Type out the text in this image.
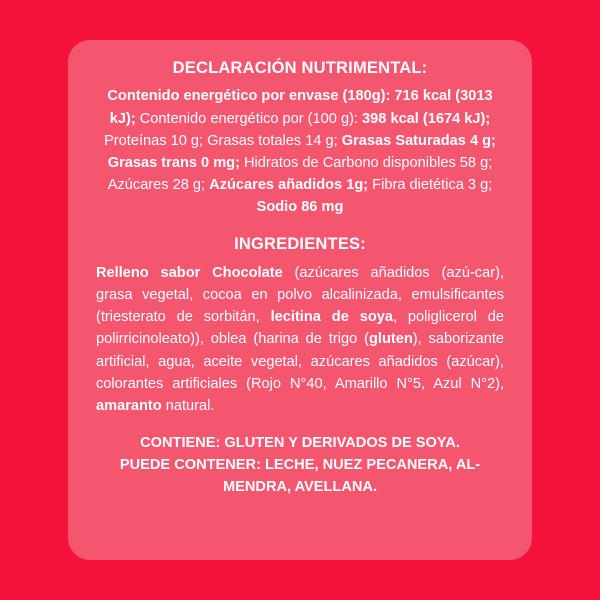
DECLARACIÓN NUTRIMENTAL:

Contenido energético por envase (180g): 716 kcal (3013 kJ); Contenido energético por (100 g): 398 kcal (1674 kJ); Proteínas 10 g; Grasas totales 14 g; Grasas Saturadas 4 g; Grasas trans 0 mg; Hidratos de Carbono disponibles 58 g; Azúcares 28 g; Azúcares añadidos 1g; Fibra dietética 3 g; Sodio 86 mg

INGREDIENTES:

Relleno sabor Chocolate (azúcares añadidos (azú-car), grasa vegetal, cocoa en polvo alcalinizada, emulsificantes (triesterato de sorbitán, lecitina de soya, poliglicerol de polirricinoleato)), oblea (harina de trigo (gluten), saborizante artificial, agua, aceite vegetal, azúcares añadidos (azúcar), colorantes artificiales (Rojo N°40, Amarillo N°5, Azul N°2), amaranto natural.

CONTIENE: GLUTEN Y DERIVADOS DE SOYA.
PUEDE CONTENER: LECHE, NUEZ PECANERA, AL-MENDRA, AVELLANA.
